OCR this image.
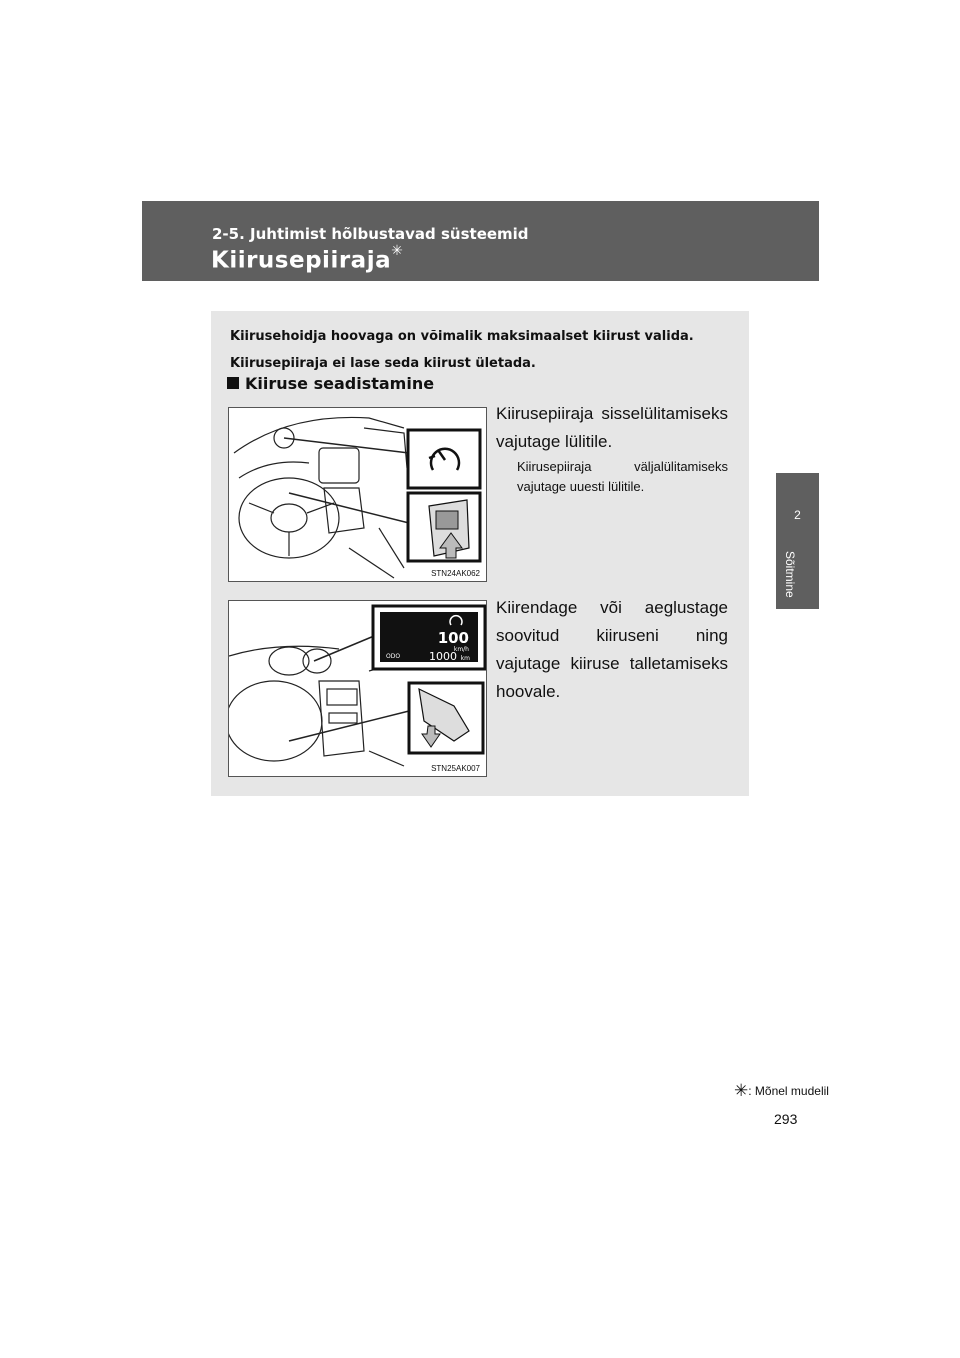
2-5. Juhtimist hõlbustavad süsteemid
Kiirusepiiraja✳
2
Sõitmine
Kiirusehoidja hoovaga on võimalik maksimaalset kiirust valida.
Kiirusepiiraja ei lase seda kiirust ületada.
Kiiruse seadistamine
STN24AK062
Kiirusepiiraja sisselülitamiseks vajutage lülitile.
Kiirusepiiraja väljalülitamiseks vajutage uuesti lülitile.
100
km/h
ODO	1000 km
STN25AK007
Kiirendage või aeglustage soovitud kiiruseni ning vajutage kiiruse talletamiseks hoovale.
✳: Mõnel mudelil
293
